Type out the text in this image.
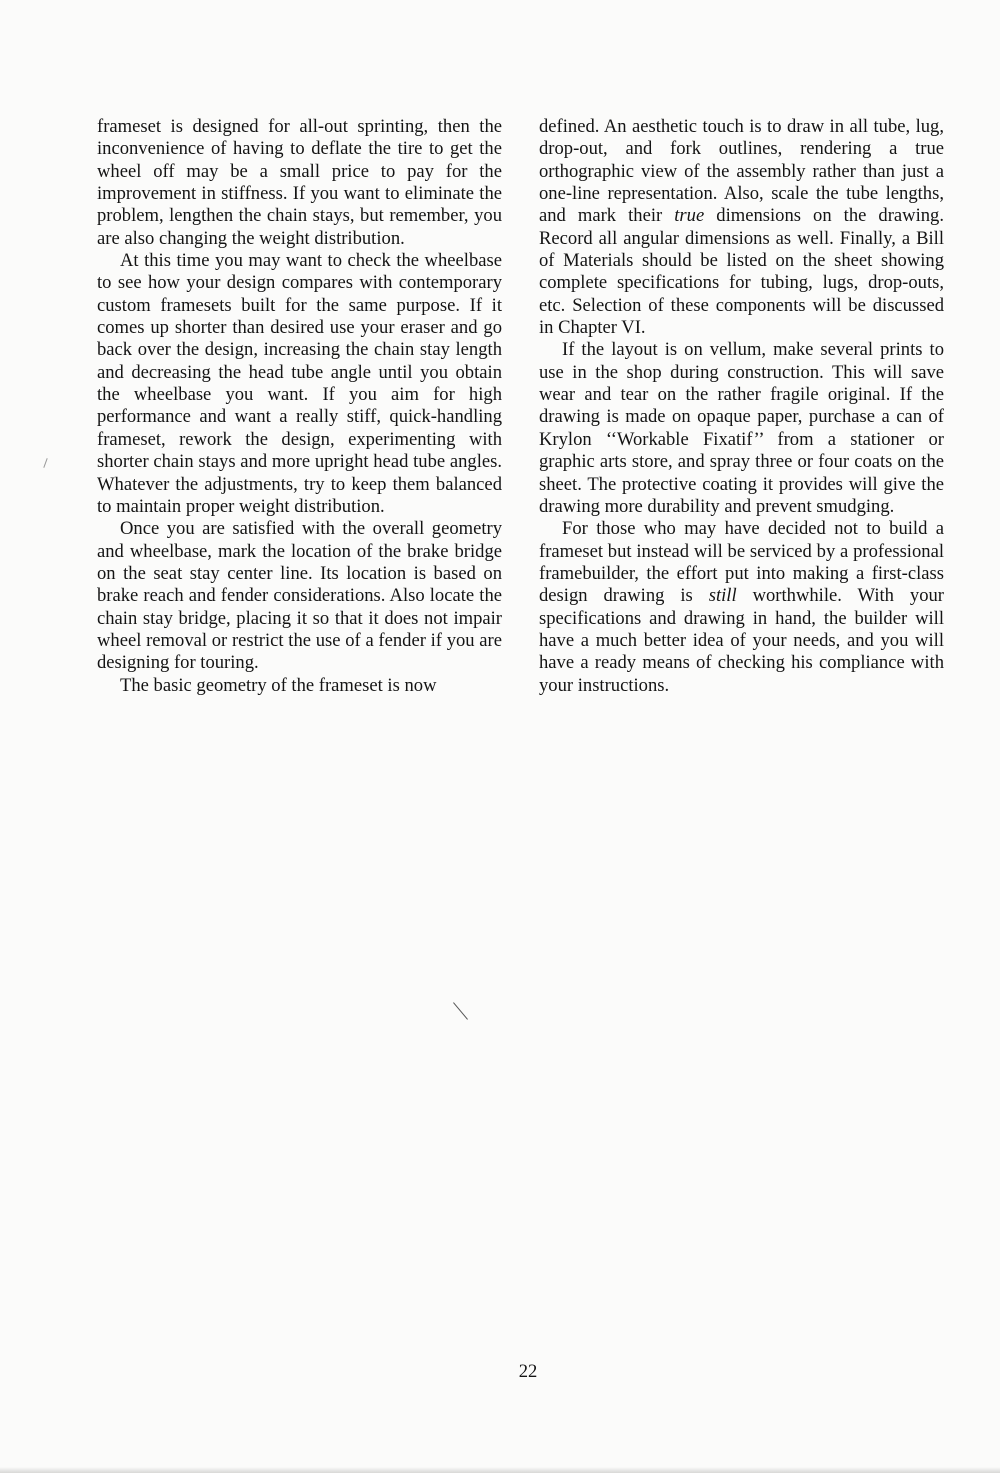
frameset is designed for all-out sprinting, then the inconvenience of having to deflate the tire to get the wheel off may be a small price to pay for the improvement in stiffness. If you want to eliminate the problem, lengthen the chain stays, but remember, you are also changing the weight distribution.

At this time you may want to check the wheelbase to see how your design compares with contemporary custom framesets built for the same purpose. If it comes up shorter than desired use your eraser and go back over the design, increasing the chain stay length and decreasing the head tube angle until you obtain the wheelbase you want. If you aim for high performance and want a really stiff, quick-handling frameset, rework the design, experimenting with shorter chain stays and more upright head tube angles. Whatever the adjustments, try to keep them balanced to maintain proper weight distribution.

Once you are satisfied with the overall geometry and wheelbase, mark the location of the brake bridge on the seat stay center line. Its location is based on brake reach and fender considerations. Also locate the chain stay bridge, placing it so that it does not impair wheel removal or restrict the use of a fender if you are designing for touring.

The basic geometry of the frameset is now

defined. An aesthetic touch is to draw in all tube, lug, drop-out, and fork outlines, rendering a true orthographic view of the assembly rather than just a one-line representation. Also, scale the tube lengths, and mark their true dimensions on the drawing. Record all angular dimensions as well. Finally, a Bill of Materials should be listed on the sheet showing complete specifications for tubing, lugs, drop-outs, etc. Selection of these components will be discussed in Chapter VI.

If the layout is on vellum, make several prints to use in the shop during construction. This will save wear and tear on the rather fragile original. If the drawing is made on opaque paper, purchase a can of Krylon ‘‘Workable Fixatif’’ from a stationer or graphic arts store, and spray three or four coats on the sheet. The protective coating it provides will give the drawing more durability and prevent smudging.

For those who may have decided not to build a frameset but instead will be serviced by a professional framebuilder, the effort put into making a first-class design drawing is still worthwhile. With your specifications and drawing in hand, the builder will have a much better idea of your needs, and you will have a ready means of checking his compliance with your instructions.

22
